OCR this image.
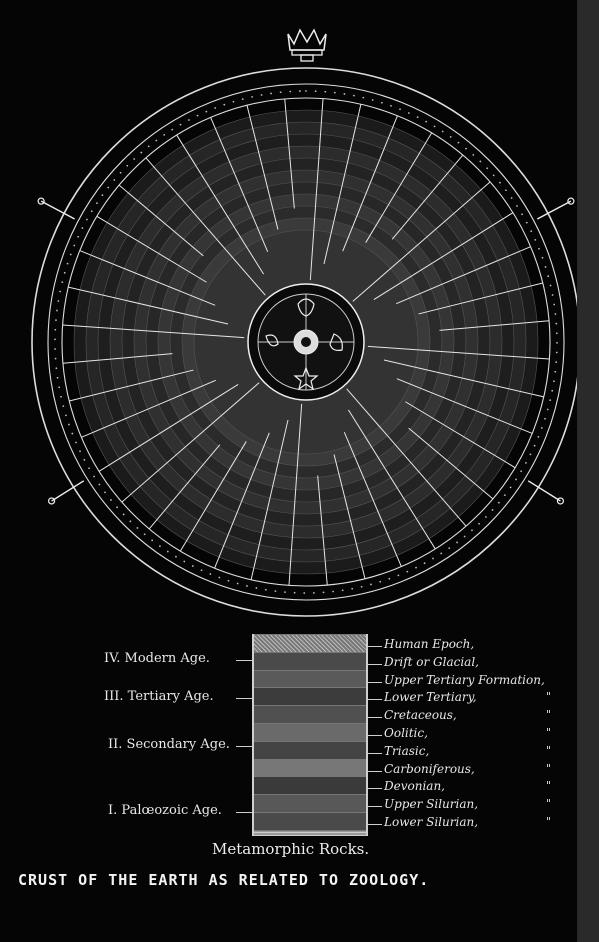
IV. Modern Age.
III. Tertiary Age.
II. Secondary Age.
I. Palœozoic Age.
Human Epoch,
Drift or Glacial,
Upper Tertiary Formation,
Lower Tertiary,	"
Cretaceous,	"
Oolitic,	"
Triasic,	"
Carboniferous,	"
Devonian,	"
Upper Silurian,	"
Lower Silurian,	"
Metamorphic Rocks.
CRUST OF THE EARTH AS RELATED TO ZOOLOGY.
